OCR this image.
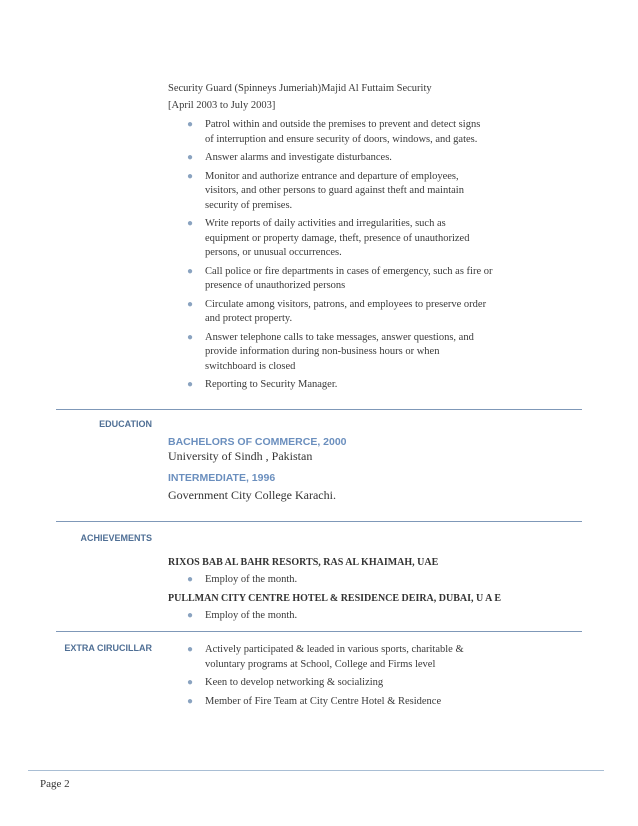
Security Guard (Spinneys Jumeriah)Majid Al Futtaim Security

[April 2003 to July 2003]

● Patrol within and outside the premises to prevent and detect signs
of interruption and ensure security of doors, windows, and gates.
● Answer alarms and investigate disturbances.
● Monitor and authorize entrance and departure of employees,
visitors, and other persons to guard against theft and maintain
security of premises.
● Write reports of daily activities and irregularities, such as
equipment or property damage, theft, presence of unauthorized
persons, or unusual occurrences.
● Call police or fire departments in cases of emergency, such as fire or
presence of unauthorized persons
● Circulate among visitors, patrons, and employees to preserve order
and protect property.
● Answer telephone calls to take messages, answer questions, and
provide information during non-business hours or when
switchboard is closed
● Reporting to Security Manager.
EDUCATION

BACHELORS OF COMMERCE, 2000

University of Sindh , Pakistan

INTERMEDIATE, 1996

Government City College Karachi.

ACHIEVEMENTS

RIXOS BAB AL BAHR RESORTS, RAS AL KHAIMAH, UAE

● Employ of the month.

PULLMAN CITY CENTRE HOTEL & RESIDENCE DEIRA, DUBAI, U A E

● Employ of the month.
EXTRA CIRUCILLAR	● Actively participated & leaded in various sports, charitable &
voluntary programs at School, College and Firms level
● Keen to develop networking & socializing
● Member of Fire Team at City Centre Hotel & Residence
Page 2
